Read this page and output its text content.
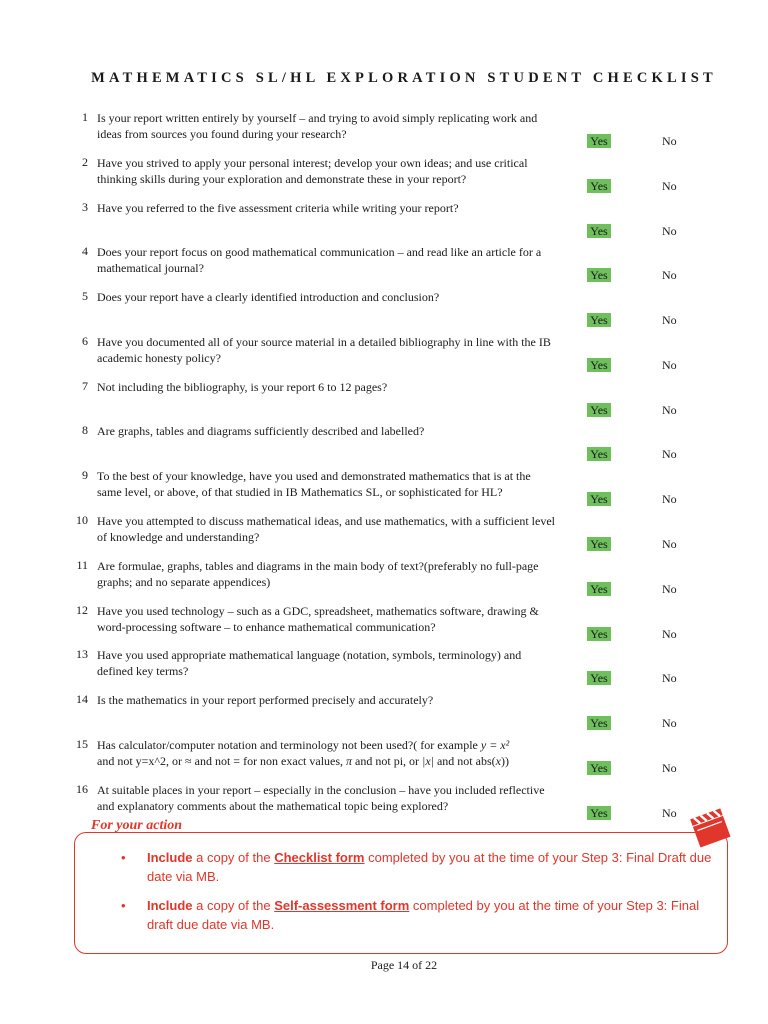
MATHEMATICS SL/HL EXPLORATION STUDENT CHECKLIST
1 Is your report written entirely by yourself – and trying to avoid simply replicating work and ideas from sources you found during your research?	Yes	No
2 Have you strived to apply your personal interest; develop your own ideas; and use critical thinking skills during your exploration and demonstrate these in your report?	Yes	No
3 Have you referred to the five assessment criteria while writing your report?
Yes	No
4 Does your report focus on good mathematical communication – and read like an article for a mathematical journal?	Yes	No
5 Does your report have a clearly identified introduction and conclusion?
Yes	No
6 Have you documented all of your source material in a detailed bibliography in line with the IB academic honesty policy?	Yes	No
7 Not including the bibliography, is your report 6 to 12 pages?
Yes	No
8 Are graphs, tables and diagrams sufficiently described and labelled?
Yes	No
9 To the best of your knowledge, have you used and demonstrated mathematics that is at the same level, or above, of that studied in IB Mathematics SL, or sophisticated for HL?	Yes	No
10 Have you attempted to discuss mathematical ideas, and use mathematics, with a sufficient level of knowledge and understanding?	Yes	No
11 Are formulae, graphs, tables and diagrams in the main body of text?(preferably no full-page graphs; and no separate appendices)	Yes	No
12 Have you used technology – such as a GDC, spreadsheet, mathematics software, drawing & word-processing software – to enhance mathematical communication?	Yes	No
13 Have you used appropriate mathematical language (notation, symbols, terminology) and defined key terms?	Yes	No
14 Is the mathematics in your report performed precisely and accurately?
Yes	No
15 Has calculator/computer notation and terminology not been used?( for example y = x²
and not y=x^2, or ≈ and not = for non exact values, π and not pi, or |x| and not abs(x))	Yes	No
16 At suitable places in your report – especially in the conclusion – have you included reflective and explanatory comments about the mathematical topic being explored?	Yes	No
For your action
• Include a copy of the Checklist form completed by you at the time of your Step 3: Final Draft due date via MB.
• Include a copy of the Self-assessment form completed by you at the time of your Step 3: Final draft due date via MB.
Page 14 of 22
